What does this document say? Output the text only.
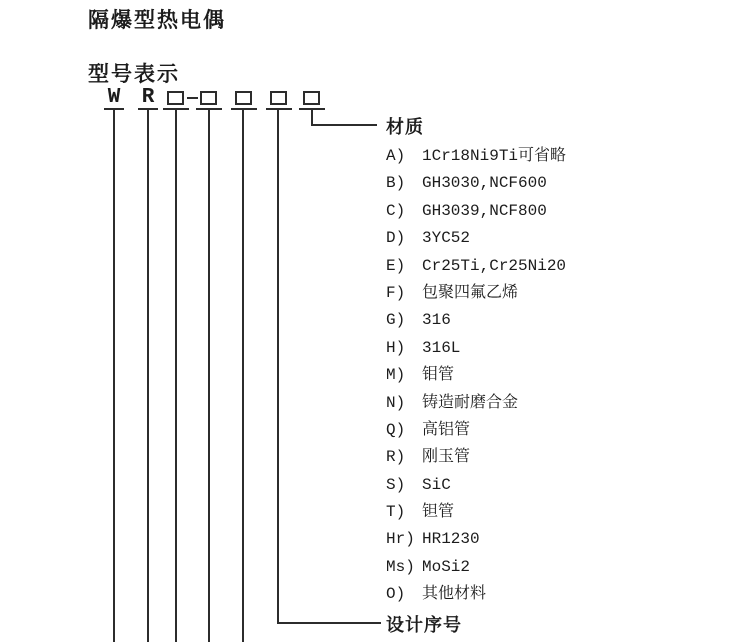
隔爆型热电偶
型号表示
W R
材质
A) 1Cr18Ni9Ti可省略
B) GH3030,NCF600
C) GH3039,NCF800
D) 3YC52
E) Cr25Ti,Cr25Ni20
F) 包聚四氟乙烯
G) 316
H) 316L
M) 钼管
N) 铸造耐磨合金
Q) 高铝管
R) 刚玉管
S) SiC
T) 钽管
Hr) HR1230
Ms) MoSi2
O) 其他材料
设计序号
